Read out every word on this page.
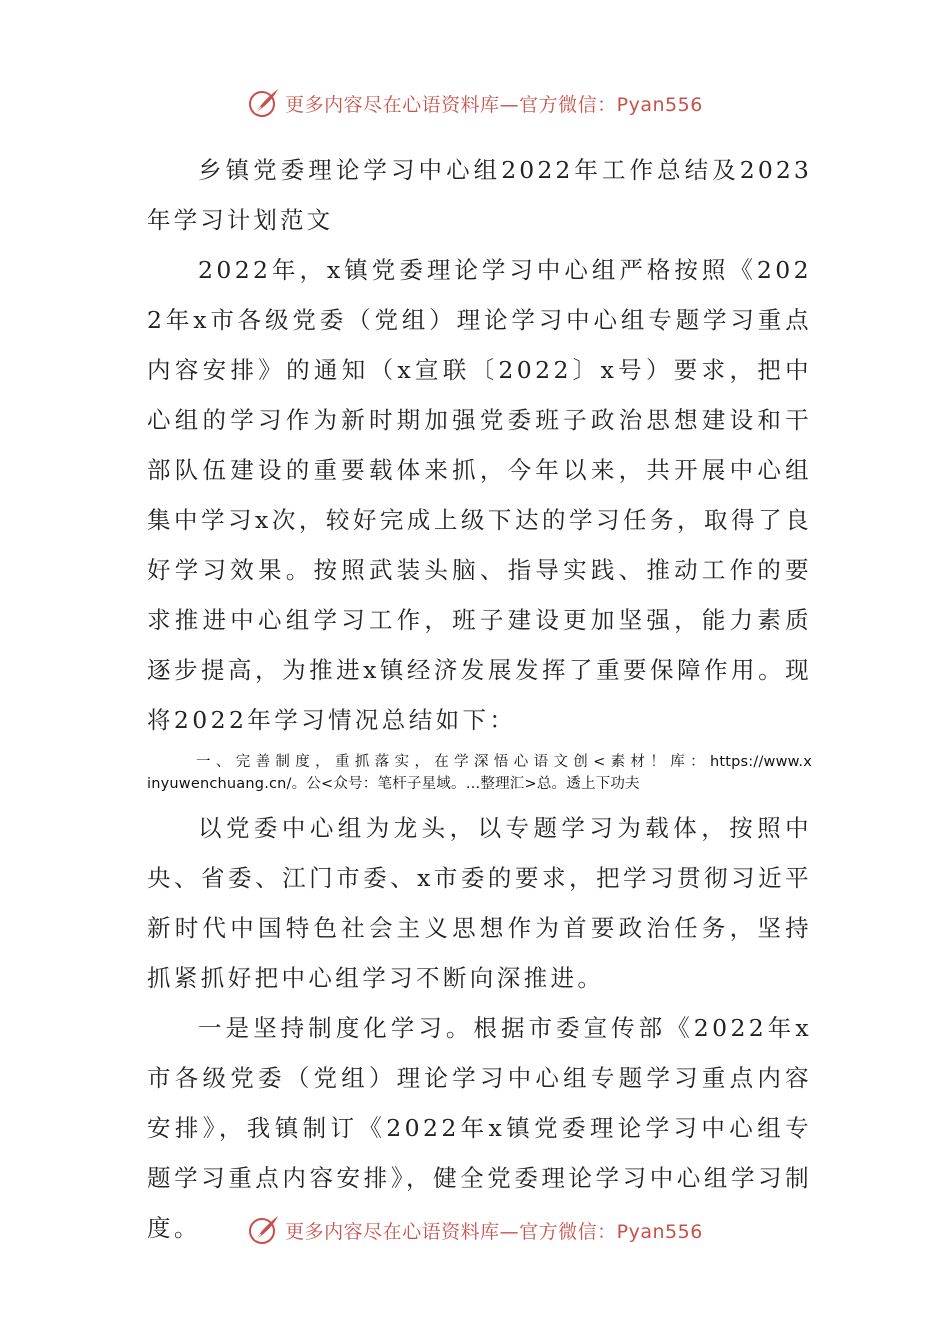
更多内容尽在心语资料库—官方微信：Pyan556

乡镇党委理论学习中心组2022年工作总结及2023年学习计划范文

2022年，x镇党委理论学习中心组严格按照《2022年x市各级党委（党组）理论学习中心组专题学习重点内容安排》的通知（x宣联〔2022〕x号）要求，把中心组的学习作为新时期加强党委班子政治思想建设和干部队伍建设的重要载体来抓，今年以来，共开展中心组集中学习x次，较好完成上级下达的学习任务，取得了良好学习效果。按照武装头脑、指导实践、推动工作的要求推进中心组学习工作，班子建设更加坚强，能力素质逐步提高，为推进x镇经济发展发挥了重要保障作用。现将2022年学习情况总结如下：

一、完善制度，重抓落实，在学深悟心语文创<素材！库：https://www.xinyuwenchuang.cn/。公<众号：笔杆子星域。…整理汇>总。透上下功夫

以党委中心组为龙头，以专题学习为载体，按照中央、省委、江门市委、x市委的要求，把学习贯彻习近平新时代中国特色社会主义思想作为首要政治任务，坚持抓紧抓好把中心组学习不断向深推进。

一是坚持制度化学习。根据市委宣传部《2022年x市各级党委（党组）理论学习中心组专题学习重点内容安排》，我镇制订《2022年x镇党委理论学习中心组专题学习重点内容安排》，健全党委理论学习中心组学习制度。	更多内容尽在心语资料库—官方微信：Pyan556
